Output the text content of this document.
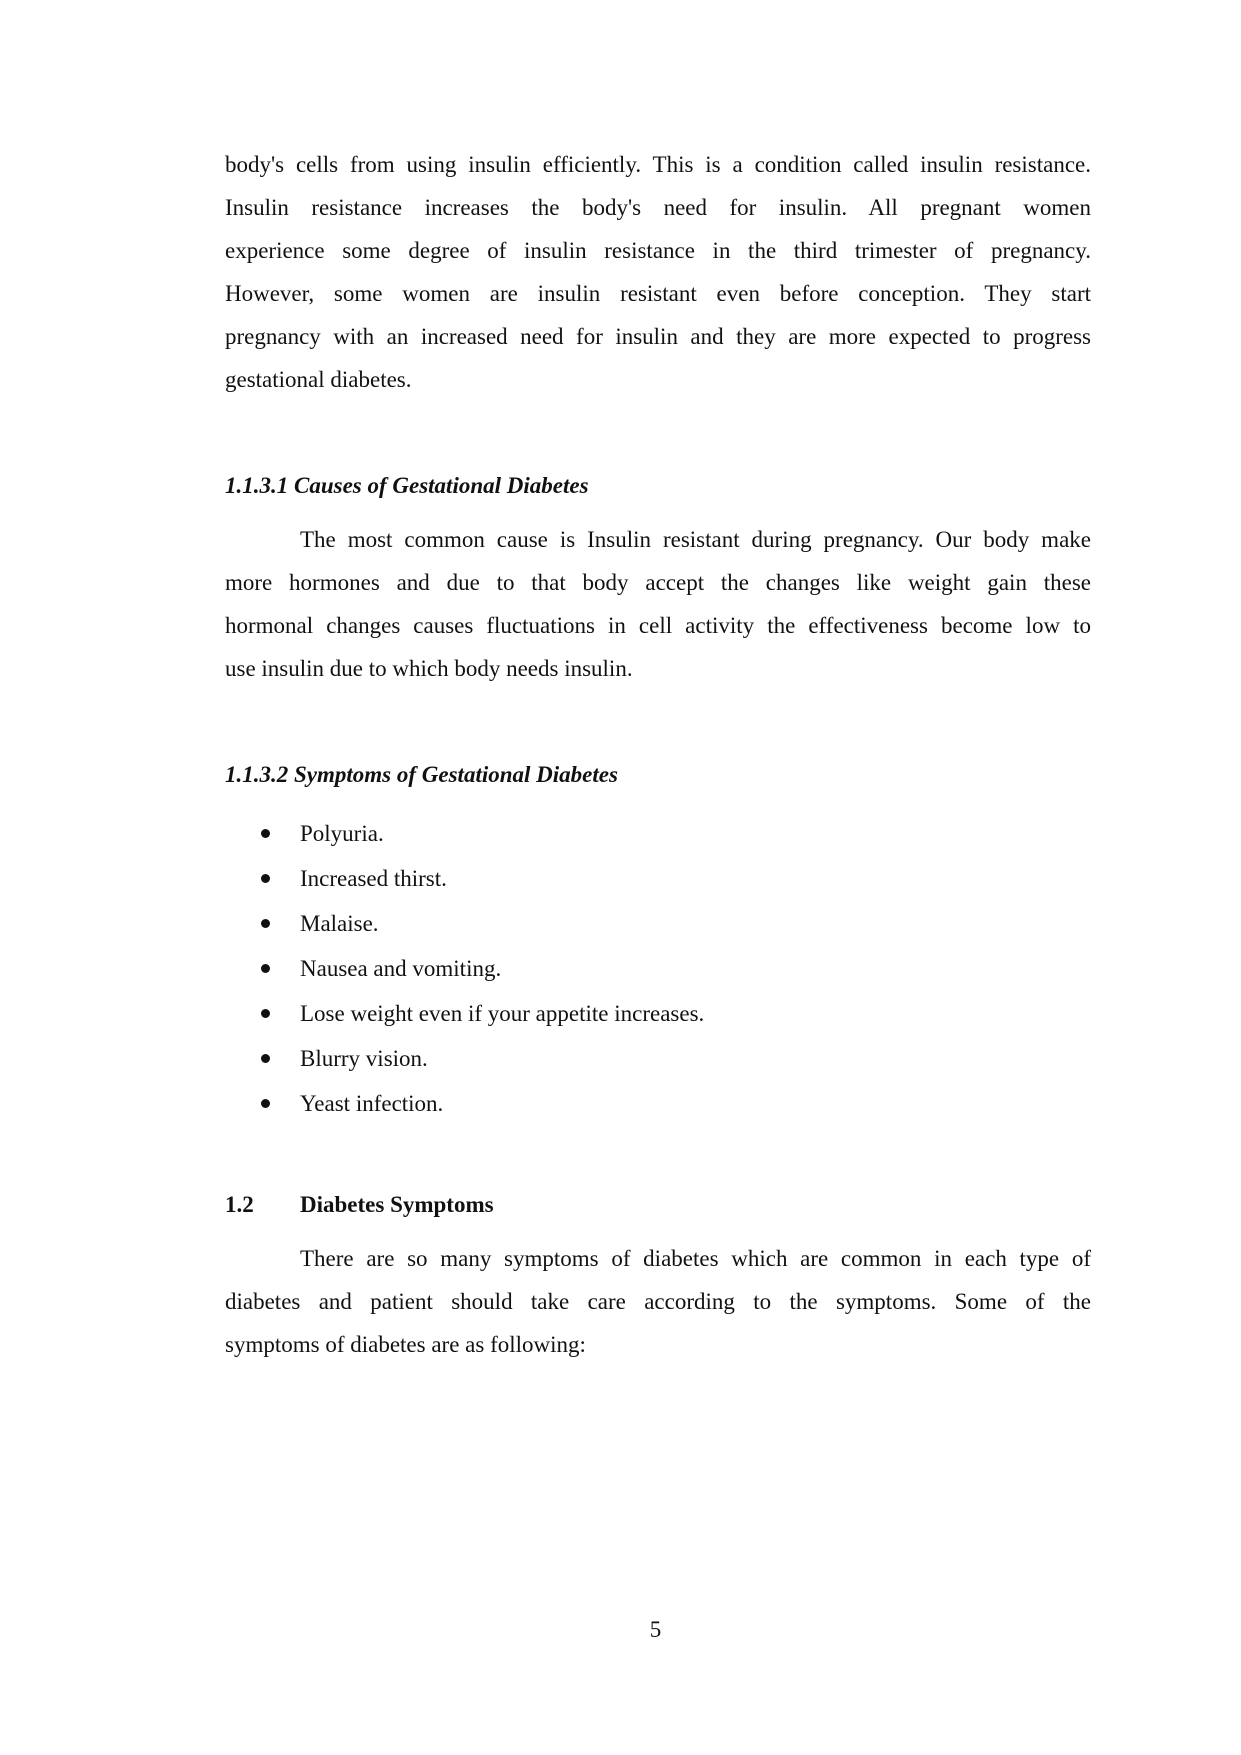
body's cells from using insulin efficiently. This is a condition called insulin resistance.
Insulin resistance increases the body's need for insulin. All pregnant women
experience some degree of insulin resistance in the third trimester of pregnancy.
However, some women are insulin resistant even before conception. They start
pregnancy with an increased need for insulin and they are more expected to progress
gestational diabetes.
1.1.3.1 Causes of Gestational Diabetes
The most common cause is Insulin resistant during pregnancy. Our body make
more hormones and due to that body accept the changes like weight gain these
hormonal changes causes fluctuations in cell activity the effectiveness become low to
use insulin due to which body needs insulin.
1.1.3.2 Symptoms of Gestational Diabetes
Polyuria.
Increased thirst.
Malaise.
Nausea and vomiting.
Lose weight even if your appetite increases.
Blurry vision.
Yeast infection.
1.2 Diabetes Symptoms
There are so many symptoms of diabetes which are common in each type of
diabetes and patient should take care according to the symptoms. Some of the
symptoms of diabetes are as following:
5
